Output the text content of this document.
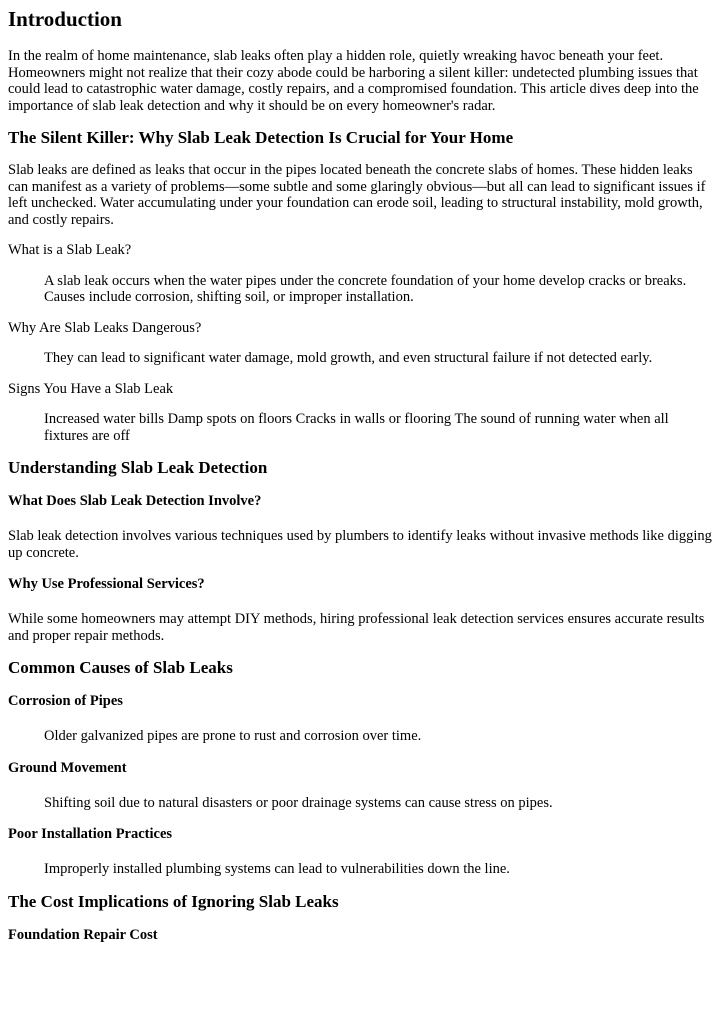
Introduction

In the realm of home maintenance, slab leaks often play a hidden role, quietly wreaking havoc beneath your feet. Homeowners might not realize that their cozy abode could be harboring a silent killer: undetected plumbing issues that could lead to catastrophic water damage, costly repairs, and a compromised foundation. This article dives deep into the importance of slab leak detection and why it should be on every homeowner's radar.

The Silent Killer: Why Slab Leak Detection Is Crucial for Your Home

Slab leaks are defined as leaks that occur in the pipes located beneath the concrete slabs of homes. These hidden leaks can manifest as a variety of problems—some subtle and some glaringly obvious—but all can lead to significant issues if left unchecked. Water accumulating under your foundation can erode soil, leading to structural instability, mold growth, and costly repairs.

What is a Slab Leak?
A slab leak occurs when the water pipes under the concrete foundation of your home develop cracks or breaks. Causes include corrosion, shifting soil, or improper installation.
Why Are Slab Leaks Dangerous?
They can lead to significant water damage, mold growth, and even structural failure if not detected early.
Signs You Have a Slab Leak
Increased water bills Damp spots on floors Cracks in walls or flooring The sound of running water when all fixtures are off
Understanding Slab Leak Detection
What Does Slab Leak Detection Involve?

Slab leak detection involves various techniques used by plumbers to identify leaks without invasive methods like digging up concrete.

Why Use Professional Services?

While some homeowners may attempt DIY methods, hiring professional leak detection services ensures accurate results and proper repair methods.

Common Causes of Slab Leaks
Corrosion of Pipes
Older galvanized pipes are prone to rust and corrosion over time.
Ground Movement
Shifting soil due to natural disasters or poor drainage systems can cause stress on pipes.
Poor Installation Practices
Improperly installed plumbing systems can lead to vulnerabilities down the line.
The Cost Implications of Ignoring Slab Leaks
Foundation Repair Cost
